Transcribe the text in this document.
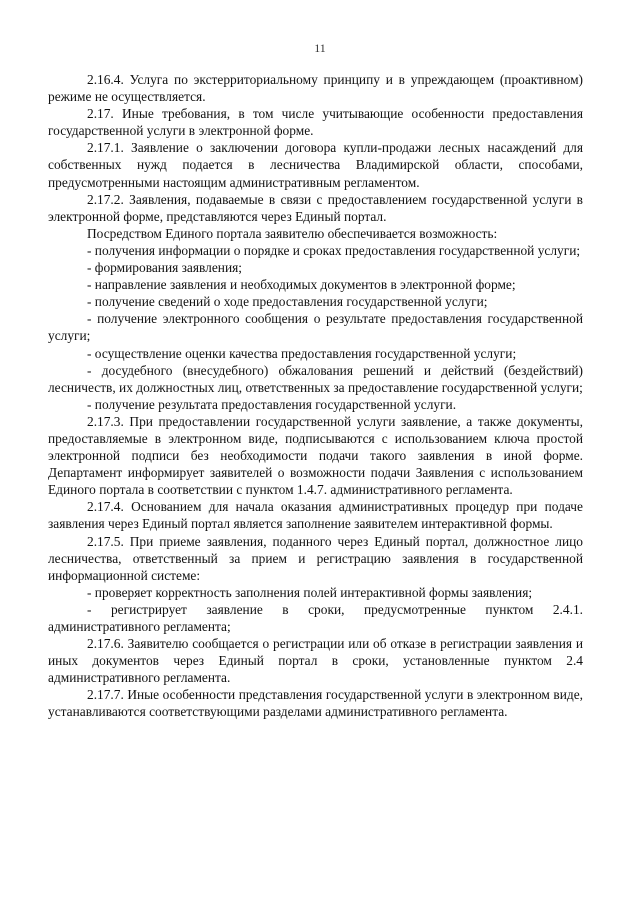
11

2.16.4. Услуга по экстерриториальному принципу и в упреждающем (проактивном) режиме не осуществляется.

2.17. Иные требования, в том числе учитывающие особенности предоставления государственной услуги в электронной форме.

2.17.1. Заявление о заключении договора купли-продажи лесных насаждений для собственных нужд подается в лесничества Владимирской области, способами, предусмотренными настоящим административным регламентом.

2.17.2. Заявления, подаваемые в связи с предоставлением государственной услуги в электронной форме, представляются через Единый портал.

Посредством Единого портала заявителю обеспечивается возможность:

- получения информации о порядке и сроках предоставления государственной услуги;

- формирования заявления;

- направление заявления и необходимых документов в электронной форме;

- получение сведений о ходе предоставления государственной услуги;

- получение электронного сообщения о результате предоставления государственной услуги;

- осуществление оценки качества предоставления государственной услуги;

- досудебного (внесудебного) обжалования решений и действий (бездействий) лесничеств, их должностных лиц, ответственных за предоставление государственной услуги;

- получение результата предоставления государственной услуги.

2.17.3. При предоставлении государственной услуги заявление, а также документы, предоставляемые в электронном виде, подписываются с использованием ключа простой электронной подписи без необходимости подачи такого заявления в иной форме. Департамент информирует заявителей о возможности подачи Заявления с использованием Единого портала в соответствии с пунктом 1.4.7. административного регламента.

2.17.4. Основанием для начала оказания административных процедур при подаче заявления через Единый портал является заполнение заявителем интерактивной формы.

2.17.5. При приеме заявления, поданного через Единый портал, должностное лицо лесничества, ответственный за прием и регистрацию заявления в государственной информационной системе:

- проверяет корректность заполнения полей интерактивной формы заявления;

- регистрирует заявление в сроки, предусмотренные пунктом 2.4.1. административного регламента;

2.17.6. Заявителю сообщается о регистрации или об отказе в регистрации заявления и иных документов через Единый портал в сроки, установленные пунктом 2.4 административного регламента.

2.17.7. Иные особенности представления государственной услуги в электронном виде, устанавливаются соответствующими разделами административного регламента.
